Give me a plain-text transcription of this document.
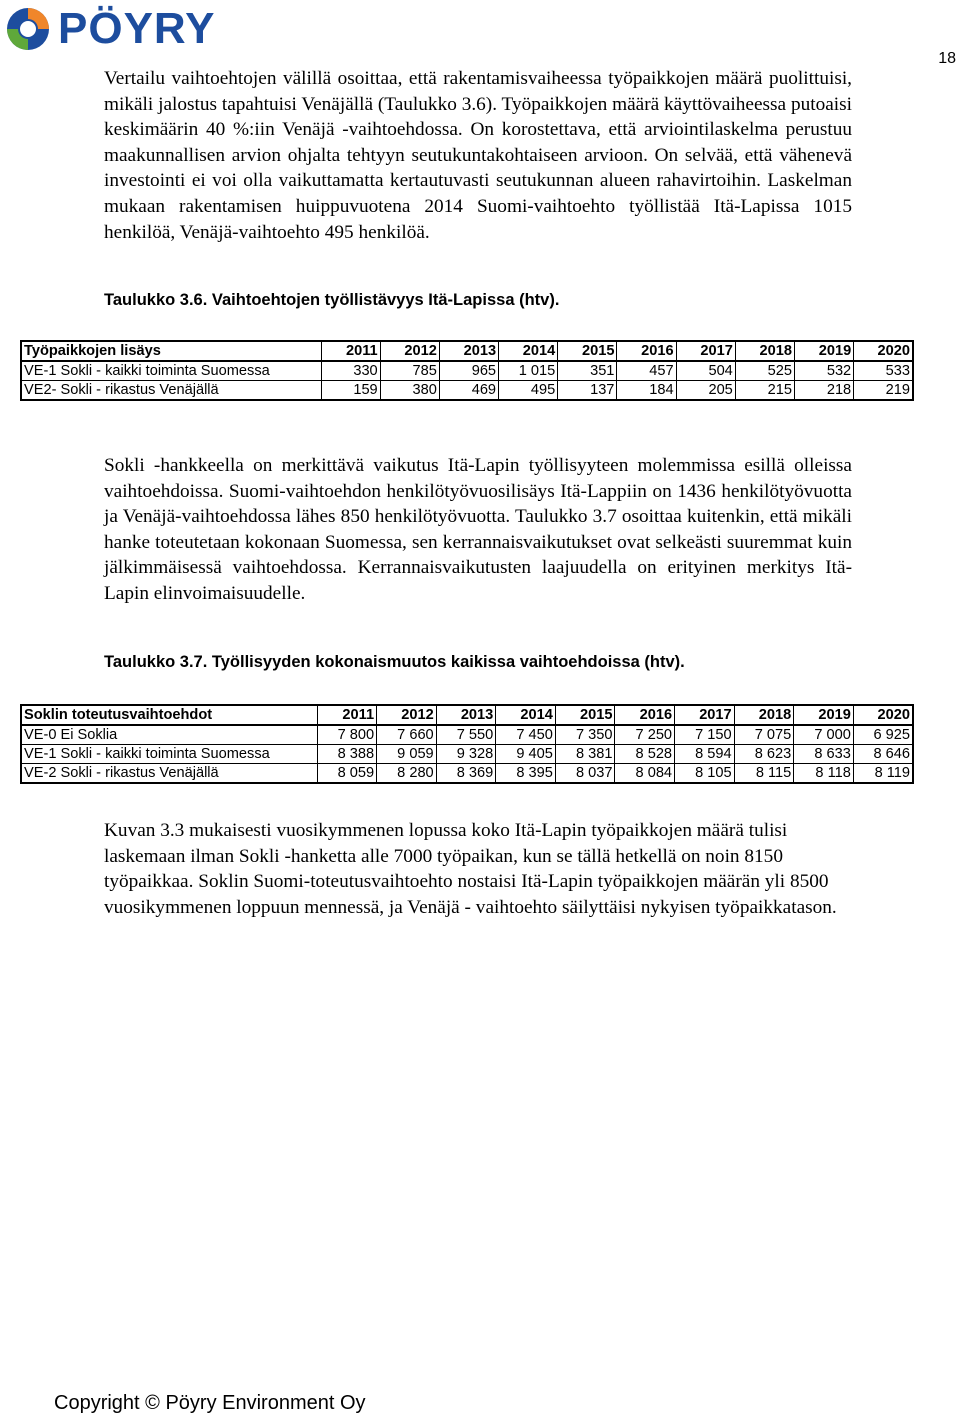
PÖYRY
18

Vertailu vaihtoehtojen välillä osoittaa, että rakentamisvaiheessa työpaikkojen määrä puolittuisi, mikäli jalostus tapahtuisi Venäjällä (Taulukko 3.6). Työpaikkojen määrä käyttövaiheessa putoaisi keskimäärin 40 %:iin Venäjä -vaihtoehdossa. On korostettava, että arviointilaskelma perustuu maakunnallisen arvion ohjalta tehtyyn seutukuntakohtaiseen arvioon. On selvää, että vähenevä investointi ei voi olla vaikuttamatta kertautuvasti seutukunnan alueen rahavirtoihin. Laskelman mukaan rakentamisen huippuvuotena 2014 Suomi-vaihtoehto työllistää Itä-Lapissa 1015 henkilöä, Venäjä-vaihtoehto 495 henkilöä.

Taulukko 3.6. Vaihtoehtojen työllistävyys Itä-Lapissa (htv).

Työpaikkojen lisäys	2011	2012	2013	2014	2015	2016	2017	2018	2019	2020
VE-1 Sokli - kaikki toiminta Suomessa	330	785	965	1 015	351	457	504	525	532	533
VE2- Sokli - rikastus Venäjällä	159	380	469	495	137	184	205	215	218	219

Sokli -hankkeella on merkittävä vaikutus Itä-Lapin työllisyyteen molemmissa esillä olleissa vaihtoehdoissa. Suomi-vaihtoehdon henkilötyövuosilisäys Itä-Lappiin on 1436 henkilötyövuotta ja Venäjä-vaihtoehdossa lähes 850 henkilötyövuotta. Taulukko 3.7 osoittaa kuitenkin, että mikäli hanke toteutetaan kokonaan Suomessa, sen kerrannaisvaikutukset ovat selkeästi suuremmat kuin jälkimmäisessä vaihtoehdossa. Kerrannaisvaikutusten laajuudella on erityinen merkitys Itä-Lapin elinvoimaisuudelle.

Taulukko 3.7. Työllisyyden kokonaismuutos kaikissa vaihtoehdoissa (htv).

Soklin toteutusvaihtoehdot	2011	2012	2013	2014	2015	2016	2017	2018	2019	2020
VE-0 Ei Soklia	7 800	7 660	7 550	7 450	7 350	7 250	7 150	7 075	7 000	6 925
VE-1 Sokli - kaikki toiminta Suomessa	8 388	9 059	9 328	9 405	8 381	8 528	8 594	8 623	8 633	8 646
VE-2 Sokli - rikastus Venäjällä	8 059	8 280	8 369	8 395	8 037	8 084	8 105	8 115	8 118	8 119

Kuvan 3.3 mukaisesti vuosikymmenen lopussa koko Itä-Lapin työpaikkojen määrä tulisi laskemaan ilman Sokli -hanketta alle 7000 työpaikan, kun se tällä hetkellä on noin 8150 työpaikkaa. Soklin Suomi-toteutusvaihtoehto nostaisi Itä-Lapin työpaikkojen määrän yli 8500 vuosikymmenen loppuun mennessä, ja Venäjä - vaihtoehto säilyttäisi nykyisen työpaikkatason.

Copyright © Pöyry Environment Oy
